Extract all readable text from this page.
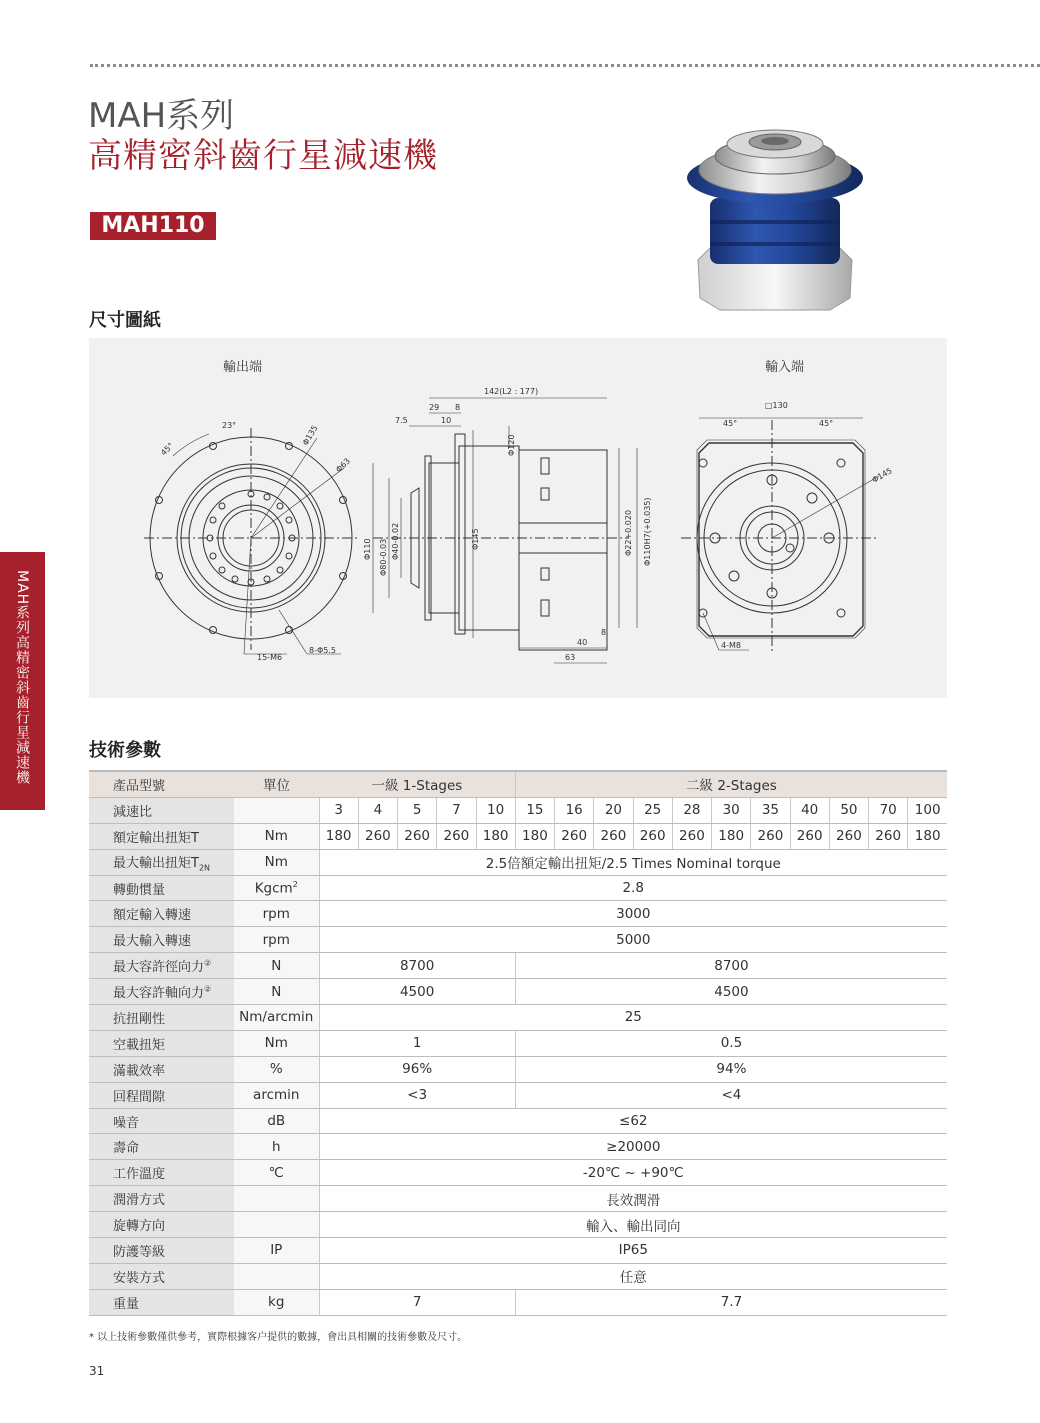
MAH系列
高精密斜齒行星減速機
MAH110
尺寸圖紙
輸出端	輸入端
45°
23°	Φ135
Φ63
15-M6
8-Φ5.5
142(L2 : 177)
29 8
7.5	10
Φ110 Φ80-0.03 Φ40-0.02	Φ145
Φ120
Φ22+0.020 Φ110H7(+0.035)
40
63
8
□130
45°	45°
Φ145
4-M8
MAH系列高精密斜齒行星減速機	技術參數
產品型號	單位	一級 1-Stages					二級 2-Stages										
減速比		3	4	5	7	10	15	16	20	25	28	30	35	40	50	70	100
額定輸出扭矩T	Nm	180	260	260	260	180	180	260	260	260	260	180	260	260	260	260	180
最大輸出扭矩$T_{2N}$	Nm	2.5倍額定輸出扭矩/2.5 Times Nominal torque															
轉動慣量	Kgcm$^2$	2.8															
額定輸入轉速	rpm	3000															
最大輸入轉速	rpm	5000															
最大容許徑向力②	N	8700					8700										
最大容許軸向力②	N	4500					4500										
抗扭剛性	Nm/arcmin	25															
空載扭矩	Nm	1					0.5										
滿載效率	%	96%					94%										
回程間隙	arcmin	<3					<4										
噪音	dB	≤62															
壽命	h	≥20000															
工作溫度	℃	-20℃ ~ +90℃															
潤滑方式		長效潤滑															
旋轉方向		輸入、輸出同向															
防護等級	IP	IP65															
安裝方式		任意															
重量	kg	7					7.7										
* 以上技術參數僅供參考，實際根據客户提供的數據，會出具相關的技術參數及尺寸。
31
